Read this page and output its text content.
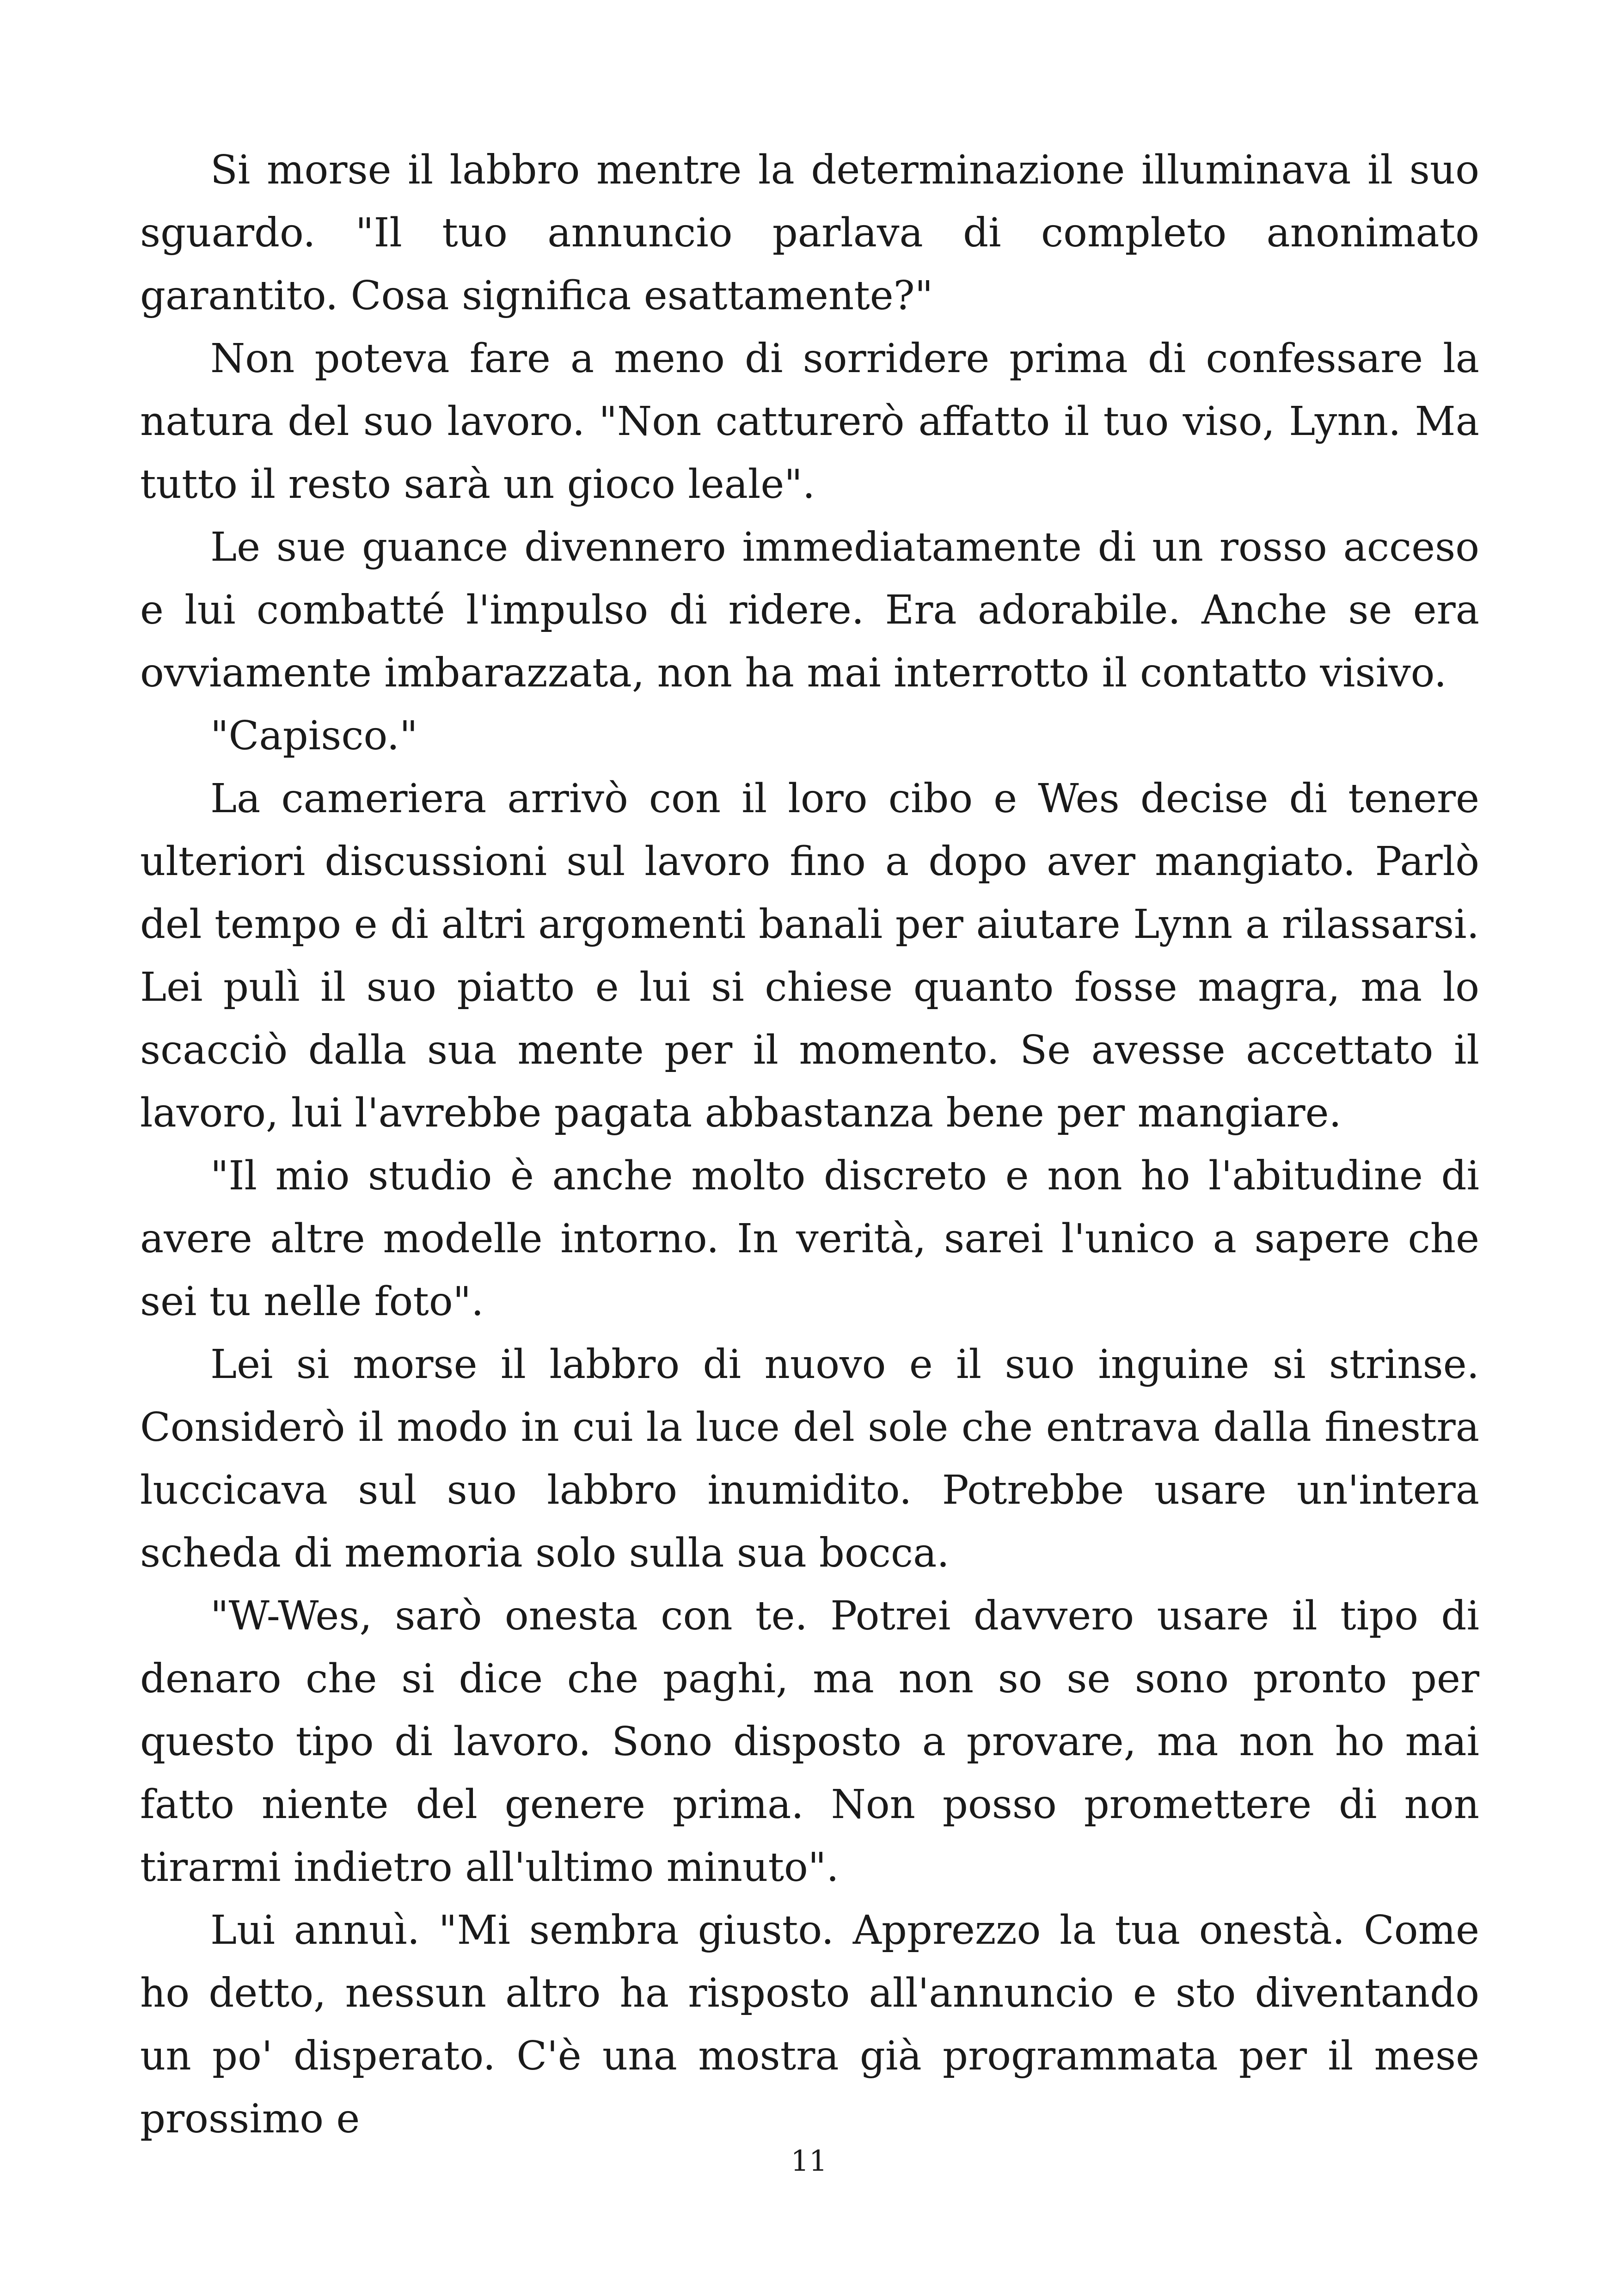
Si morse il labbro mentre la determinazione illuminava il suo sguardo. "Il tuo annuncio parlava di completo anonimato garantito. Cosa significa esattamente?"

Non poteva fare a meno di sorridere prima di confessare la natura del suo lavoro. "Non catturerò affatto il tuo viso, Lynn. Ma tutto il resto sarà un gioco leale".

Le sue guance divennero immediatamente di un rosso acceso e lui combatté l'impulso di ridere. Era adorabile. Anche se era ovviamente imbarazzata, non ha mai interrotto il contatto visivo.

"Capisco."

La cameriera arrivò con il loro cibo e Wes decise di tenere ulteriori discussioni sul lavoro fino a dopo aver mangiato. Parlò del tempo e di altri argomenti banali per aiutare Lynn a rilassarsi. Lei pulì il suo piatto e lui si chiese quanto fosse magra, ma lo scacciò dalla sua mente per il momento. Se avesse accettato il lavoro, lui l'avrebbe pagata abbastanza bene per mangiare.

"Il mio studio è anche molto discreto e non ho l'abitudine di avere altre modelle intorno. In verità, sarei l'unico a sapere che sei tu nelle foto".

Lei si morse il labbro di nuovo e il suo inguine si strinse. Considerò il modo in cui la luce del sole che entrava dalla finestra luccicava sul suo labbro inumidito. Potrebbe usare un'intera scheda di memoria solo sulla sua bocca.

"W-Wes, sarò onesta con te. Potrei davvero usare il tipo di denaro che si dice che paghi, ma non so se sono pronto per questo tipo di lavoro. Sono disposto a provare, ma non ho mai fatto niente del genere prima. Non posso promettere di non tirarmi indietro all'ultimo minuto".

Lui annuì. "Mi sembra giusto. Apprezzo la tua onestà. Come ho detto, nessun altro ha risposto all'annuncio e sto diventando un po' disperato. C'è una mostra già programmata per il mese prossimo e

11
